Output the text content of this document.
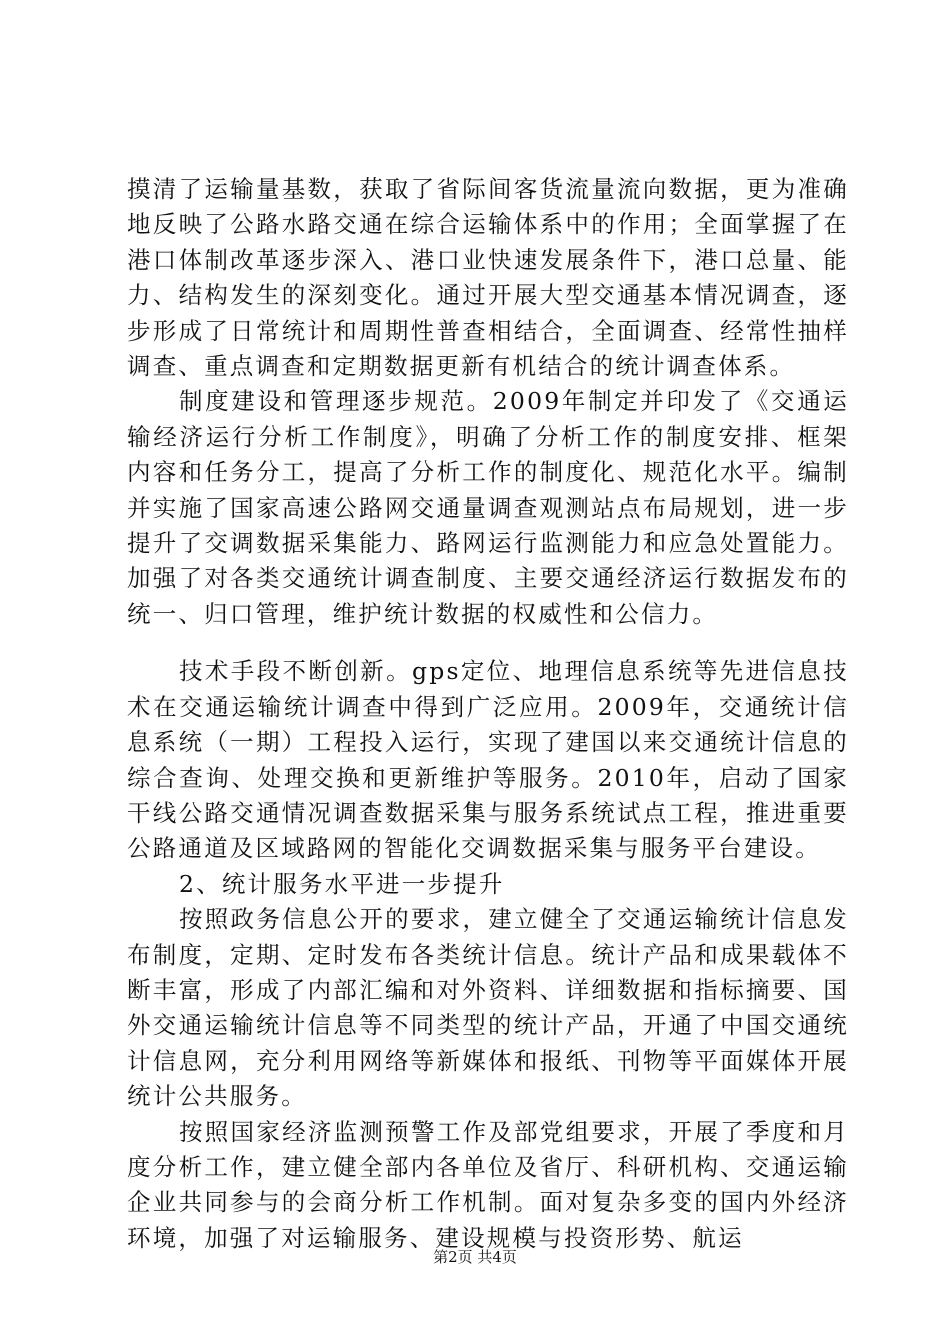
摸清了运输量基数，获取了省际间客货流量流向数据，更为准确地反映了公路水路交通在综合运输体系中的作用；全面掌握了在港口体制改革逐步深入、港口业快速发展条件下，港口总量、能力、结构发生的深刻变化。通过开展大型交通基本情况调查，逐步形成了日常统计和周期性普查相结合，全面调查、经常性抽样调查、重点调查和定期数据更新有机结合的统计调查体系。

制度建设和管理逐步规范。2009年制定并印发了《交通运输经济运行分析工作制度》，明确了分析工作的制度安排、框架内容和任务分工，提高了分析工作的制度化、规范化水平。编制并实施了国家高速公路网交通量调查观测站点布局规划，进一步提升了交调数据采集能力、路网运行监测能力和应急处置能力。加强了对各类交通统计调查制度、主要交通经济运行数据发布的统一、归口管理，维护统计数据的权威性和公信力。

技术手段不断创新。gps定位、地理信息系统等先进信息技术在交通运输统计调查中得到广泛应用。2009年，交通统计信息系统（一期）工程投入运行，实现了建国以来交通统计信息的综合查询、处理交换和更新维护等服务。2010年，启动了国家干线公路交通情况调查数据采集与服务系统试点工程，推进重要公路通道及区域路网的智能化交调数据采集与服务平台建设。

2、统计服务水平进一步提升

按照政务信息公开的要求，建立健全了交通运输统计信息发布制度，定期、定时发布各类统计信息。统计产品和成果载体不断丰富，形成了内部汇编和对外资料、详细数据和指标摘要、国外交通运输统计信息等不同类型的统计产品，开通了中国交通统计信息网，充分利用网络等新媒体和报纸、刊物等平面媒体开展统计公共服务。

按照国家经济监测预警工作及部党组要求，开展了季度和月度分析工作，建立健全部内各单位及省厅、科研机构、交通运输企业共同参与的会商分析工作机制。面对复杂多变的国内外经济环境，加强了对运输服务、建设规模与投资形势、航运

第2页 共4页
